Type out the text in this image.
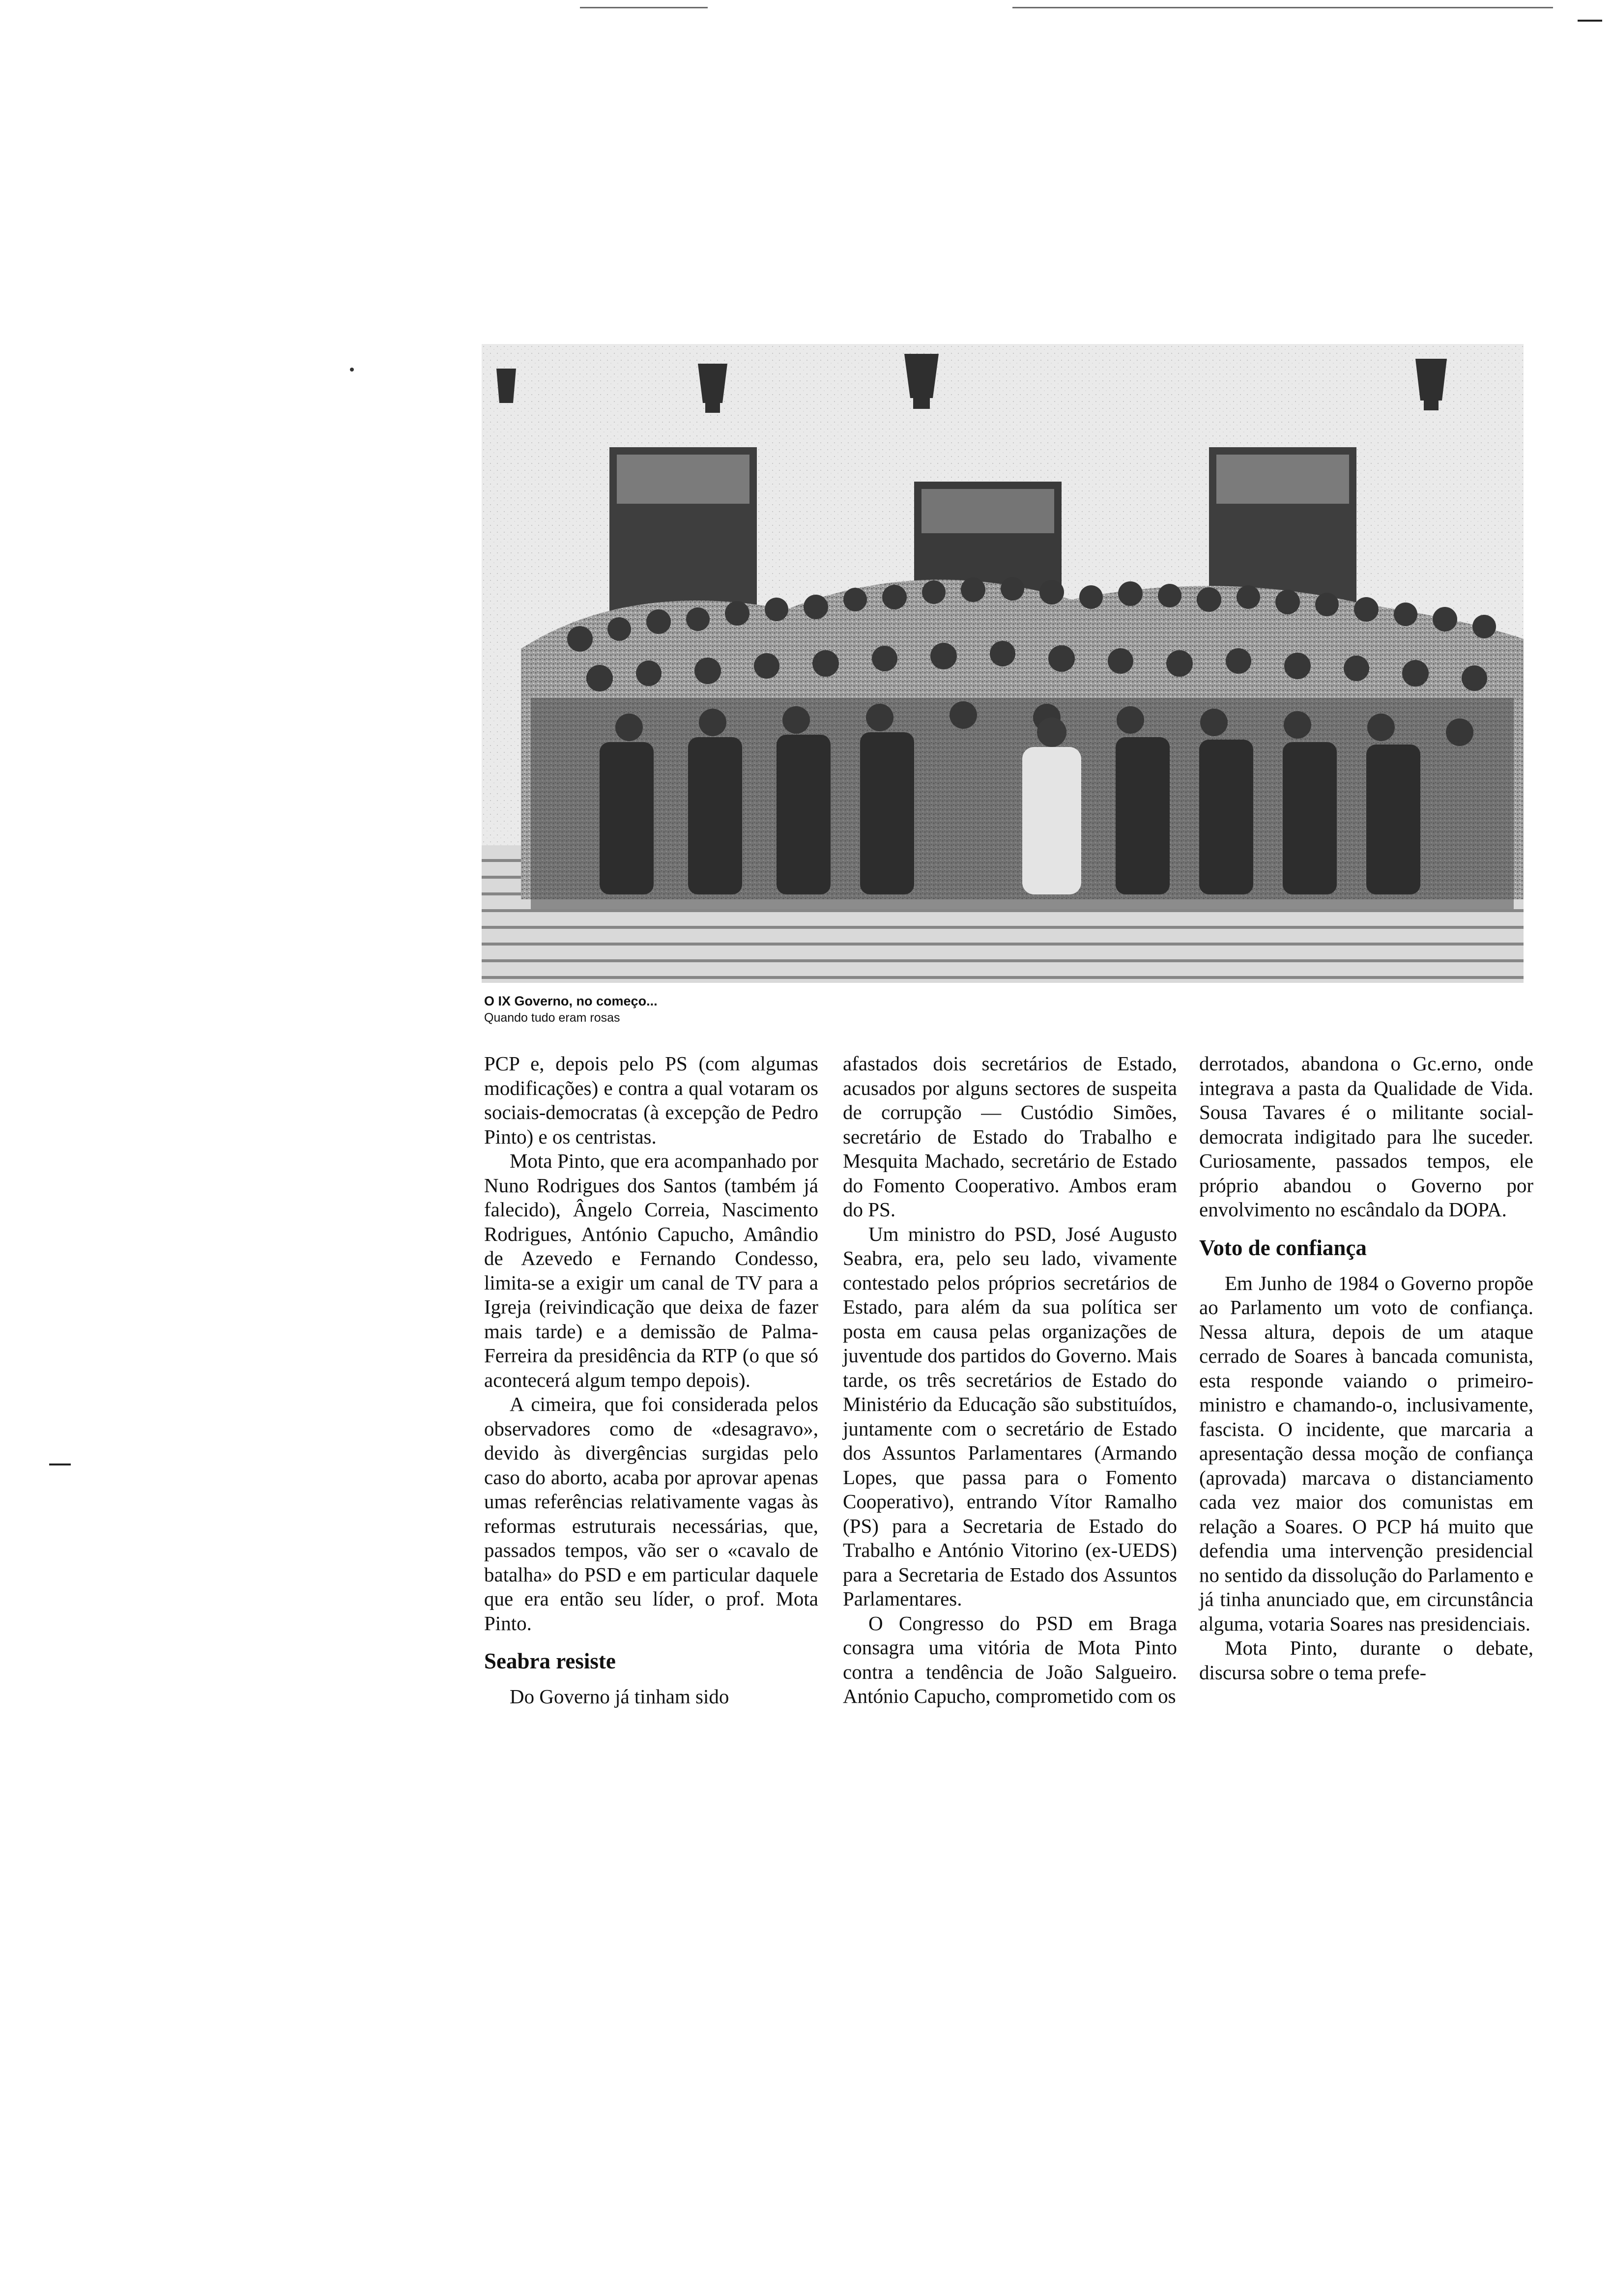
O IX Governo, no começo...
Quando tudo eram rosas

PCP e, depois pelo PS (com algumas modificações) e contra a qual votaram os sociais-democratas (à excepção de Pedro Pinto) e os centristas.

Mota Pinto, que era acompanhado por Nuno Rodrigues dos Santos (também já falecido), Ângelo Correia, Nascimento Rodrigues, António Capucho, Amândio de Azevedo e Fernando Condesso, limita-se a exigir um canal de TV para a Igreja (reivindicação que deixa de fazer mais tarde) e a demissão de Palma-Ferreira da presidência da RTP (o que só acontecerá algum tempo depois).

A cimeira, que foi considerada pelos observadores como de «desagravo», devido às divergências surgidas pelo caso do aborto, acaba por aprovar apenas umas referências relativamente vagas às reformas estruturais necessárias, que, passados tempos, vão ser o «cavalo de batalha» do PSD e em particular daquele que era então seu líder, o prof. Mota Pinto.

Seabra resiste

Do Governo já tinham sido

afastados dois secretários de Estado, acusados por alguns sectores de suspeita de corrupção — Custódio Simões, secretário de Estado do Trabalho e Mesquita Machado, secretário de Estado do Fomento Cooperativo. Ambos eram do PS.

Um ministro do PSD, José Augusto Seabra, era, pelo seu lado, vivamente contestado pelos próprios secretários de Estado, para além da sua política ser posta em causa pelas organizações de juventude dos partidos do Governo. Mais tarde, os três secretários de Estado do Ministério da Educação são substituídos, juntamente com o secretário de Estado dos Assuntos Parlamentares (Armando Lopes, que passa para o Fomento Cooperativo), entrando Vítor Ramalho (PS) para a Secretaria de Estado do Trabalho e António Vitorino (ex-UEDS) para a Secretaria de Estado dos Assuntos Parlamentares.

O Congresso do PSD em Braga consagra uma vitória de Mota Pinto contra a tendência de João Salgueiro. António Capucho, comprometido com os

derrotados, abandona o Gc.erno, onde integrava a pasta da Qualidade de Vida. Sousa Tavares é o militante social-democrata indigitado para lhe suceder. Curiosamente, passados tempos, ele próprio abandou o Governo por envolvimento no escândalo da DOPA.

Voto de confiança

Em Junho de 1984 o Governo propõe ao Parlamento um voto de confiança. Nessa altura, depois de um ataque cerrado de Soares à bancada comunista, esta responde vaiando o primeiro-ministro e chamando-o, inclusivamente, fascista. O incidente, que marcaria a apresentação dessa moção de confiança (aprovada) marcava o distanciamento cada vez maior dos comunistas em relação a Soares. O PCP há muito que defendia uma intervenção presidencial no sentido da dissolução do Parlamento e já tinha anunciado que, em circunstância alguma, votaria Soares nas presidenciais.

Mota Pinto, durante o debate, discursa sobre o tema prefe-
